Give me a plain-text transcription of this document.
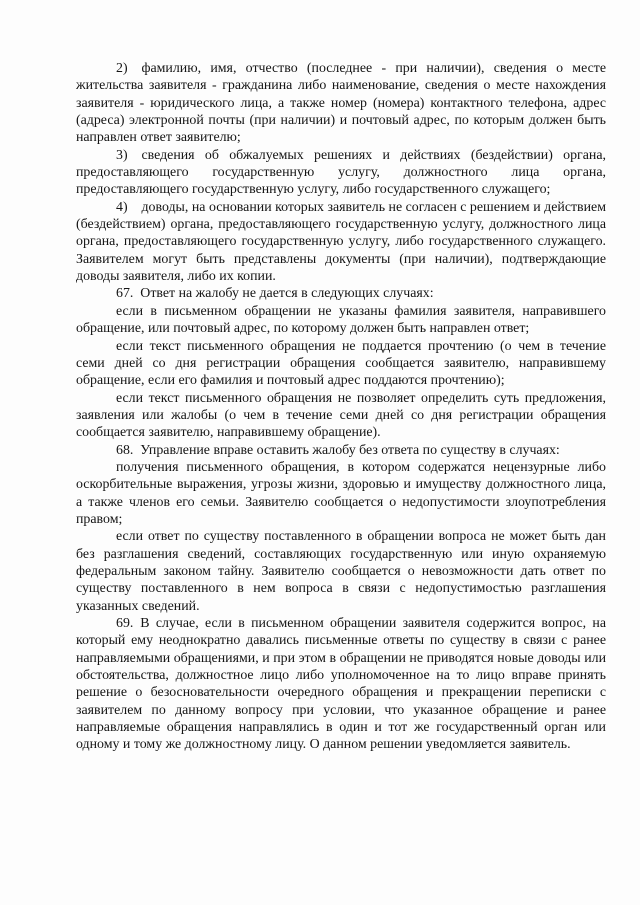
2) фамилию, имя, отчество (последнее - при наличии), сведения о месте жительства заявителя - гражданина либо наименование, сведения о месте нахождения заявителя - юридического лица, а также номер (номера) контактного телефона, адрес (адреса) электронной почты (при наличии) и почтовый адрес, по которым должен быть направлен ответ заявителю;

3) сведения об обжалуемых решениях и действиях (бездействии) органа, предоставляющего государственную услугу, должностного лица органа, предоставляющего государственную услугу, либо государственного служащего;

4) доводы, на основании которых заявитель не согласен с решением и действием (бездействием) органа, предоставляющего государственную услугу, должностного лица органа, предоставляющего государственную услугу, либо государственного служащего. Заявителем могут быть представлены документы (при наличии), подтверждающие доводы заявителя, либо их копии.

67. Ответ на жалобу не дается в следующих случаях:

если в письменном обращении не указаны фамилия заявителя, направившего обращение, или почтовый адрес, по которому должен быть направлен ответ;

если текст письменного обращения не поддается прочтению (о чем в течение семи дней со дня регистрации обращения сообщается заявителю, направившему обращение, если его фамилия и почтовый адрес поддаются прочтению);

если текст письменного обращения не позволяет определить суть предложения, заявления или жалобы (о чем в течение семи дней со дня регистрации обращения сообщается заявителю, направившему обращение).

68. Управление вправе оставить жалобу без ответа по существу в случаях:

получения письменного обращения, в котором содержатся нецензурные либо оскорбительные выражения, угрозы жизни, здоровью и имуществу должностного лица, а также членов его семьи. Заявителю сообщается о недопустимости злоупотребления правом;

если ответ по существу поставленного в обращении вопроса не может быть дан без разглашения сведений, составляющих государственную или иную охраняемую федеральным законом тайну. Заявителю сообщается о невозможности дать ответ по существу поставленного в нем вопроса в связи с недопустимостью разглашения указанных сведений.

69. В случае, если в письменном обращении заявителя содержится вопрос, на который ему неоднократно давались письменные ответы по существу в связи с ранее направляемыми обращениями, и при этом в обращении не приводятся новые доводы или обстоятельства, должностное лицо либо уполномоченное на то лицо вправе принять решение о безосновательности очередного обращения и прекращении переписки с заявителем по данному вопросу при условии, что указанное обращение и ранее направляемые обращения направлялись в один и тот же государственный орган или одному и тому же должностному лицу. О данном решении уведомляется заявитель.
